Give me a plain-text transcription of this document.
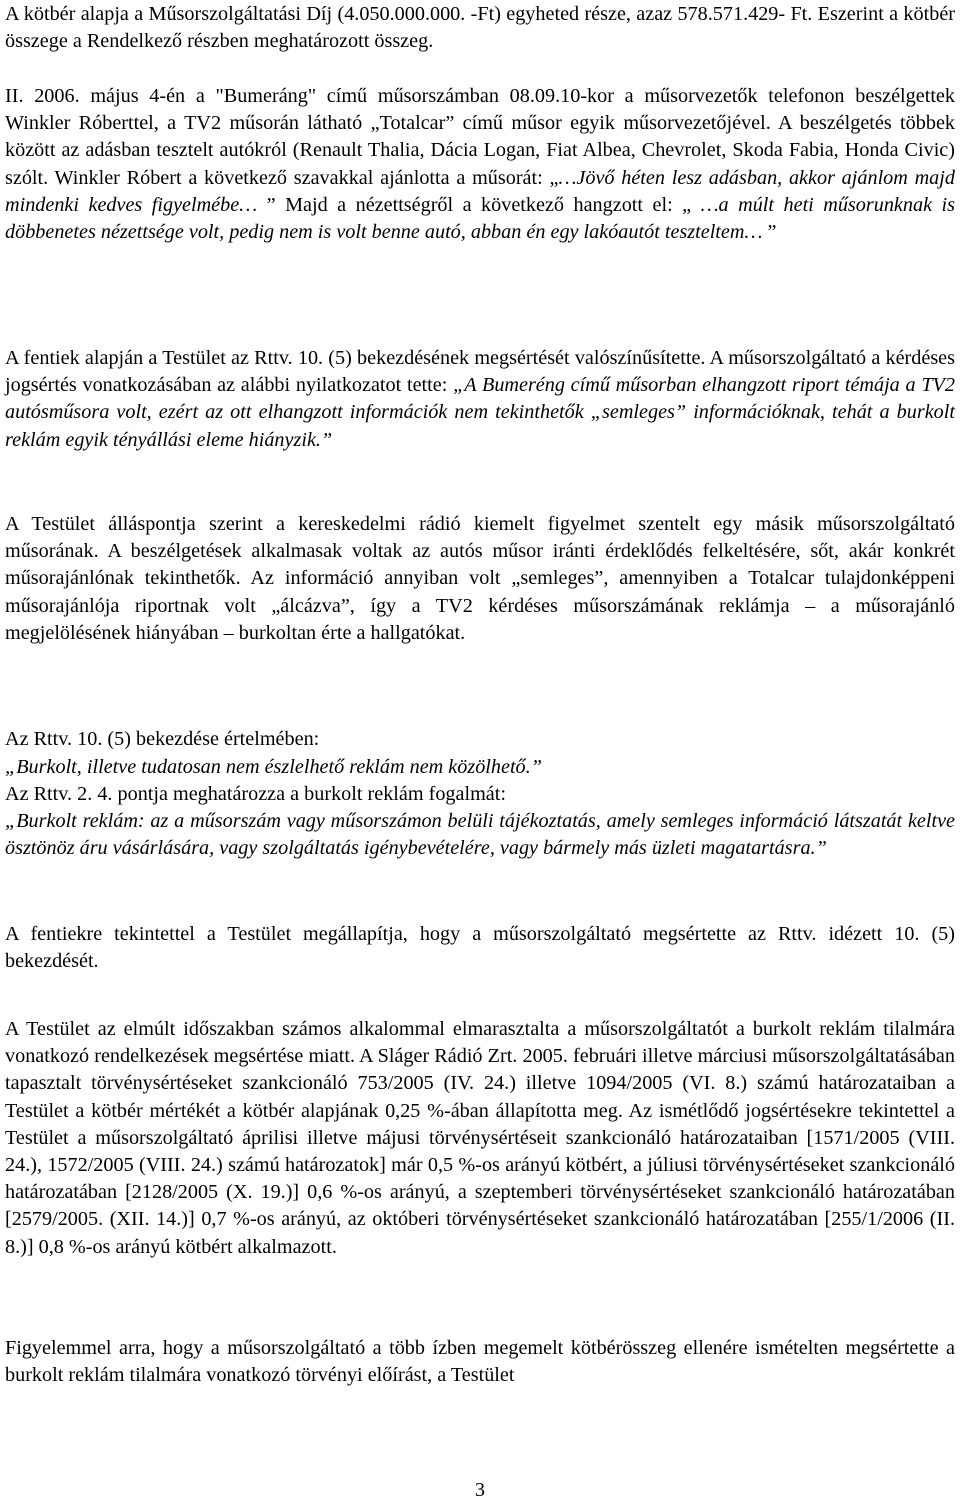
A kötbér alapja a Műsorszolgáltatási Díj (4.050.000.000. -Ft) egyheted része, azaz 578.571.429- Ft. Eszerint a kötbér összege a Rendelkező részben meghatározott összeg.

II. 2006. május 4-én a "Bumeráng" című műsorszámban 08.09.10-kor a műsorvezetők telefonon beszélgettek Winkler Róberttel, a TV2 műsorán látható „Totalcar” című műsor egyik műsorvezetőjével. A beszélgetés többek között az adásban tesztelt autókról (Renault Thalia, Dácia Logan, Fiat Albea, Chevrolet, Skoda Fabia, Honda Civic) szólt. Winkler Róbert a következő szavakkal ajánlotta a műsorát: „…Jövő héten lesz adásban, akkor ajánlom majd mindenki kedves figyelmébe… ” Majd a nézettségről a következő hangzott el: „ …a múlt heti műsorunknak is döbbenetes nézettsége volt, pedig nem is volt benne autó, abban én egy lakóautót teszteltem… ”

A fentiek alapján a Testület az Rttv. 10. (5) bekezdésének megsértését valószínűsítette. A műsorszolgáltató a kérdéses jogsértés vonatkozásában az alábbi nyilatkozatot tette: „A Bumeréng című műsorban elhangzott riport témája a TV2 autósműsora volt, ezért az ott elhangzott információk nem tekinthetők „semleges” információknak, tehát a burkolt reklám egyik tényállási eleme hiányzik.”

A Testület álláspontja szerint a kereskedelmi rádió kiemelt figyelmet szentelt egy másik műsorszolgáltató műsorának. A beszélgetések alkalmasak voltak az autós műsor iránti érdeklődés felkeltésére, sőt, akár konkrét műsorajánlónak tekinthetők. Az információ annyiban volt „semleges”, amennyiben a Totalcar tulajdonképpeni műsorajánlója riportnak volt „álcázva”, így a TV2 kérdéses műsorszámának reklámja – a műsorajánló megjelölésének hiányában – burkoltan érte a hallgatókat.

Az Rttv. 10. (5) bekezdése értelmében:

„Burkolt, illetve tudatosan nem észlelhető reklám nem közölhető.”

Az Rttv. 2. 4. pontja meghatározza a burkolt reklám fogalmát:

„Burkolt reklám: az a műsorszám vagy műsorszámon belüli tájékoztatás, amely semleges információ látszatát keltve ösztönöz áru vásárlására, vagy szolgáltatás igénybevételére, vagy bármely más üzleti magatartásra.”

A fentiekre tekintettel a Testület megállapítja, hogy a műsorszolgáltató megsértette az Rttv. idézett 10. (5) bekezdését.

A Testület az elmúlt időszakban számos alkalommal elmarasztalta a műsorszolgáltatót a burkolt reklám tilalmára vonatkozó rendelkezések megsértése miatt. A Sláger Rádió Zrt. 2005. februári illetve márciusi műsorszolgáltatásában tapasztalt törvénysértéseket szankcionáló 753/2005 (IV. 24.) illetve 1094/2005 (VI. 8.) számú határozataiban a Testület a kötbér mértékét a kötbér alapjának 0,25 %-ában állapította meg. Az ismétlődő jogsértésekre tekintettel a Testület a műsorszolgáltató áprilisi illetve májusi törvénysértéseit szankcionáló határozataiban [1571/2005 (VIII. 24.), 1572/2005 (VIII. 24.) számú határozatok] már 0,5 %-os arányú kötbért, a júliusi törvénysértéseket szankcionáló határozatában [2128/2005 (X. 19.)] 0,6 %-os arányú, a szeptemberi törvénysértéseket szankcionáló határozatában [2579/2005. (XII. 14.)] 0,7 %-os arányú, az októberi törvénysértéseket szankcionáló határozatában [255/1/2006 (II. 8.)] 0,8 %-os arányú kötbért alkalmazott.

Figyelemmel arra, hogy a műsorszolgáltató a több ízben megemelt kötbérösszeg ellenére ismételten megsértette a burkolt reklám tilalmára vonatkozó törvényi előírást, a Testület

3
